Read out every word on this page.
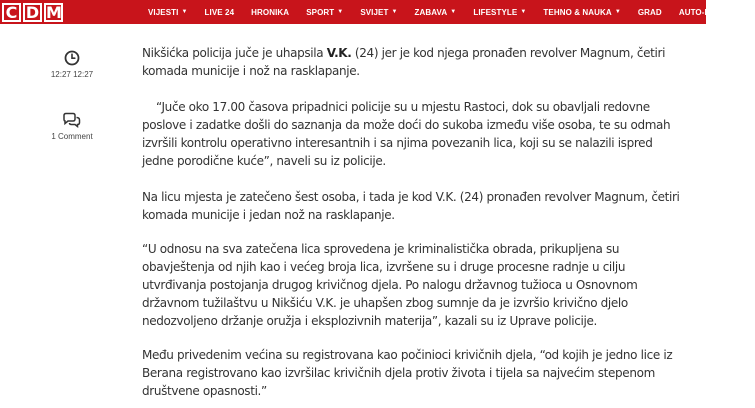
C D M	VIJESTI ▼ LIVE 24 HRONIKA SPORT ▼ SVIJET ▼ ZABAVA ▼ LIFESTYLE ▼ TEHNO & NAUKA ▼ GRAD AUTO-MOTO ▼
12:27 12:27
1 Comment

Nikšićka policija juče je uhapsila V.K. (24) jer je kod njega pronađen revolver Magnum, četiri komada municije i nož na rasklapanje.

“Juče oko 17.00 časova pripadnici policije su u mjestu Rastoci, dok su obavljali redovne poslove i zadatke došli do saznanja da može doći do sukoba između više osoba, te su odmah izvršili kontrolu operativno interesantnih i sa njima povezanih lica, koji su se nalazili ispred jedne porodične kuće”, naveli su iz policije.

Na licu mjesta je zatečeno šest osoba, i tada je kod V.K. (24) pronađen revolver Magnum, četiri komada municije i jedan nož na rasklapanje.

“U odnosu na sva zatečena lica sprovedena je kriminalistička obrada, prikupljena su obavještenja od njih kao i većeg broja lica, izvršene su i druge procesne radnje u cilju utvrđivanja postojanja drugog krivičnog djela. Po nalogu državnog tužioca u Osnovnom državnom tužilaštvu u Nikšiću V.K. je uhapšen zbog sumnje da je izvršio krivično djelo nedozvoljeno držanje oružja i eksplozivnih materija”, kazali su iz Uprave policije.

Među privedenim većina su registrovana kao počinioci krivičnih djela, “od kojih je jedno lice iz Berana registrovano kao izvršilac krivičnih djela protiv života i tijela sa najvećim stepenom društvene opasnosti.”
